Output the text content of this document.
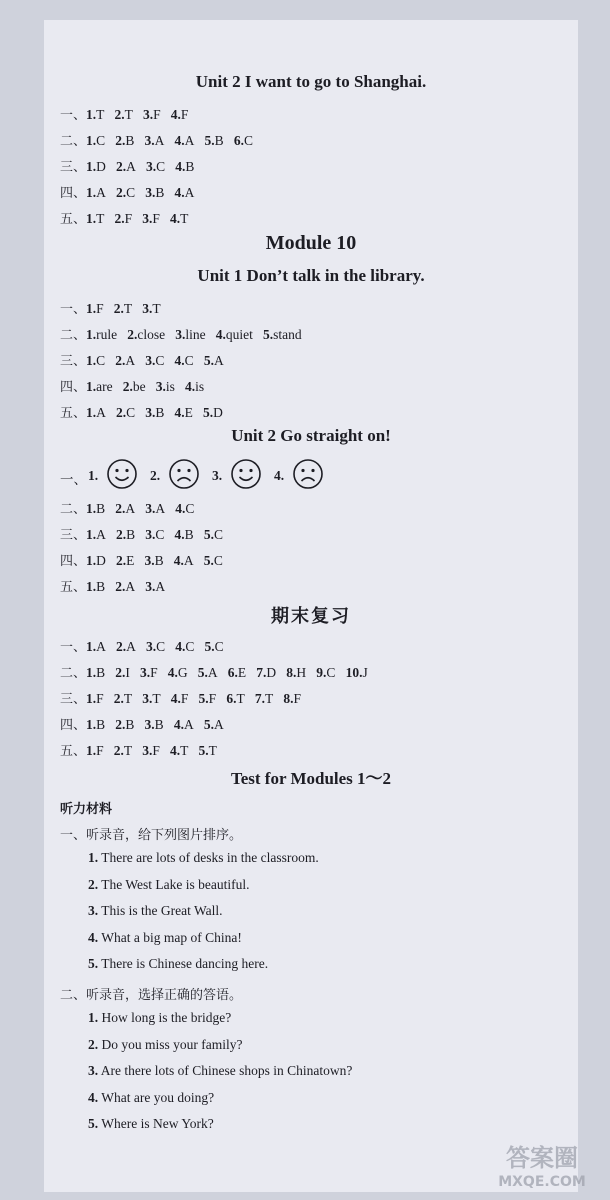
Unit 2 I want to go to Shanghai.
一、1.T 2.T 3.F 4.F
二、1.C 2.B 3.A 4.A 5.B 6.C
三、1.D 2.A 3.C 4.B
四、1.A 2.C 3.B 4.A
五、1.T 2.F 3.F 4.T
Module 10
Unit 1 Don’t talk in the library.
一、1.F 2.T 3.T
二、1.rule 2.close 3.line 4.quiet 5.stand
三、1.C 2.A 3.C 4.C 5.A
四、1.are 2.be 3.is 4.is
五、1.A 2.C 3.B 4.E 5.D
Unit 2 Go straight on!
一、 1.	2.	3.	4.
二、1.B 2.A 3.A 4.C
三、1.A 2.B 3.C 4.B 5.C
四、1.D 2.E 3.B 4.A 5.C
五、1.B 2.A 3.A
期末复习
一、1.A 2.A 3.C 4.C 5.C
二、1.B 2.I 3.F 4.G 5.A 6.E 7.D 8.H 9.C 10.J
三、1.F 2.T 3.T 4.F 5.F 6.T 7.T 8.F
四、1.B 2.B 3.B 4.A 5.A
五、1.F 2.T 3.F 4.T 5.T
Test for Modules 1～2
听力材料
一、听录音，给下列图片排序。
1. There are lots of desks in the classroom.
2. The West Lake is beautiful.
3. This is the Great Wall.
4. What a big map of China!
5. There is Chinese dancing here.
二、听录音，选择正确的答语。
1. How long is the bridge?
2. Do you miss your family?
3. Are there lots of Chinese shops in Chinatown?
4. What are you doing?
5. Where is New York?
答案圈
MXQE.COM
